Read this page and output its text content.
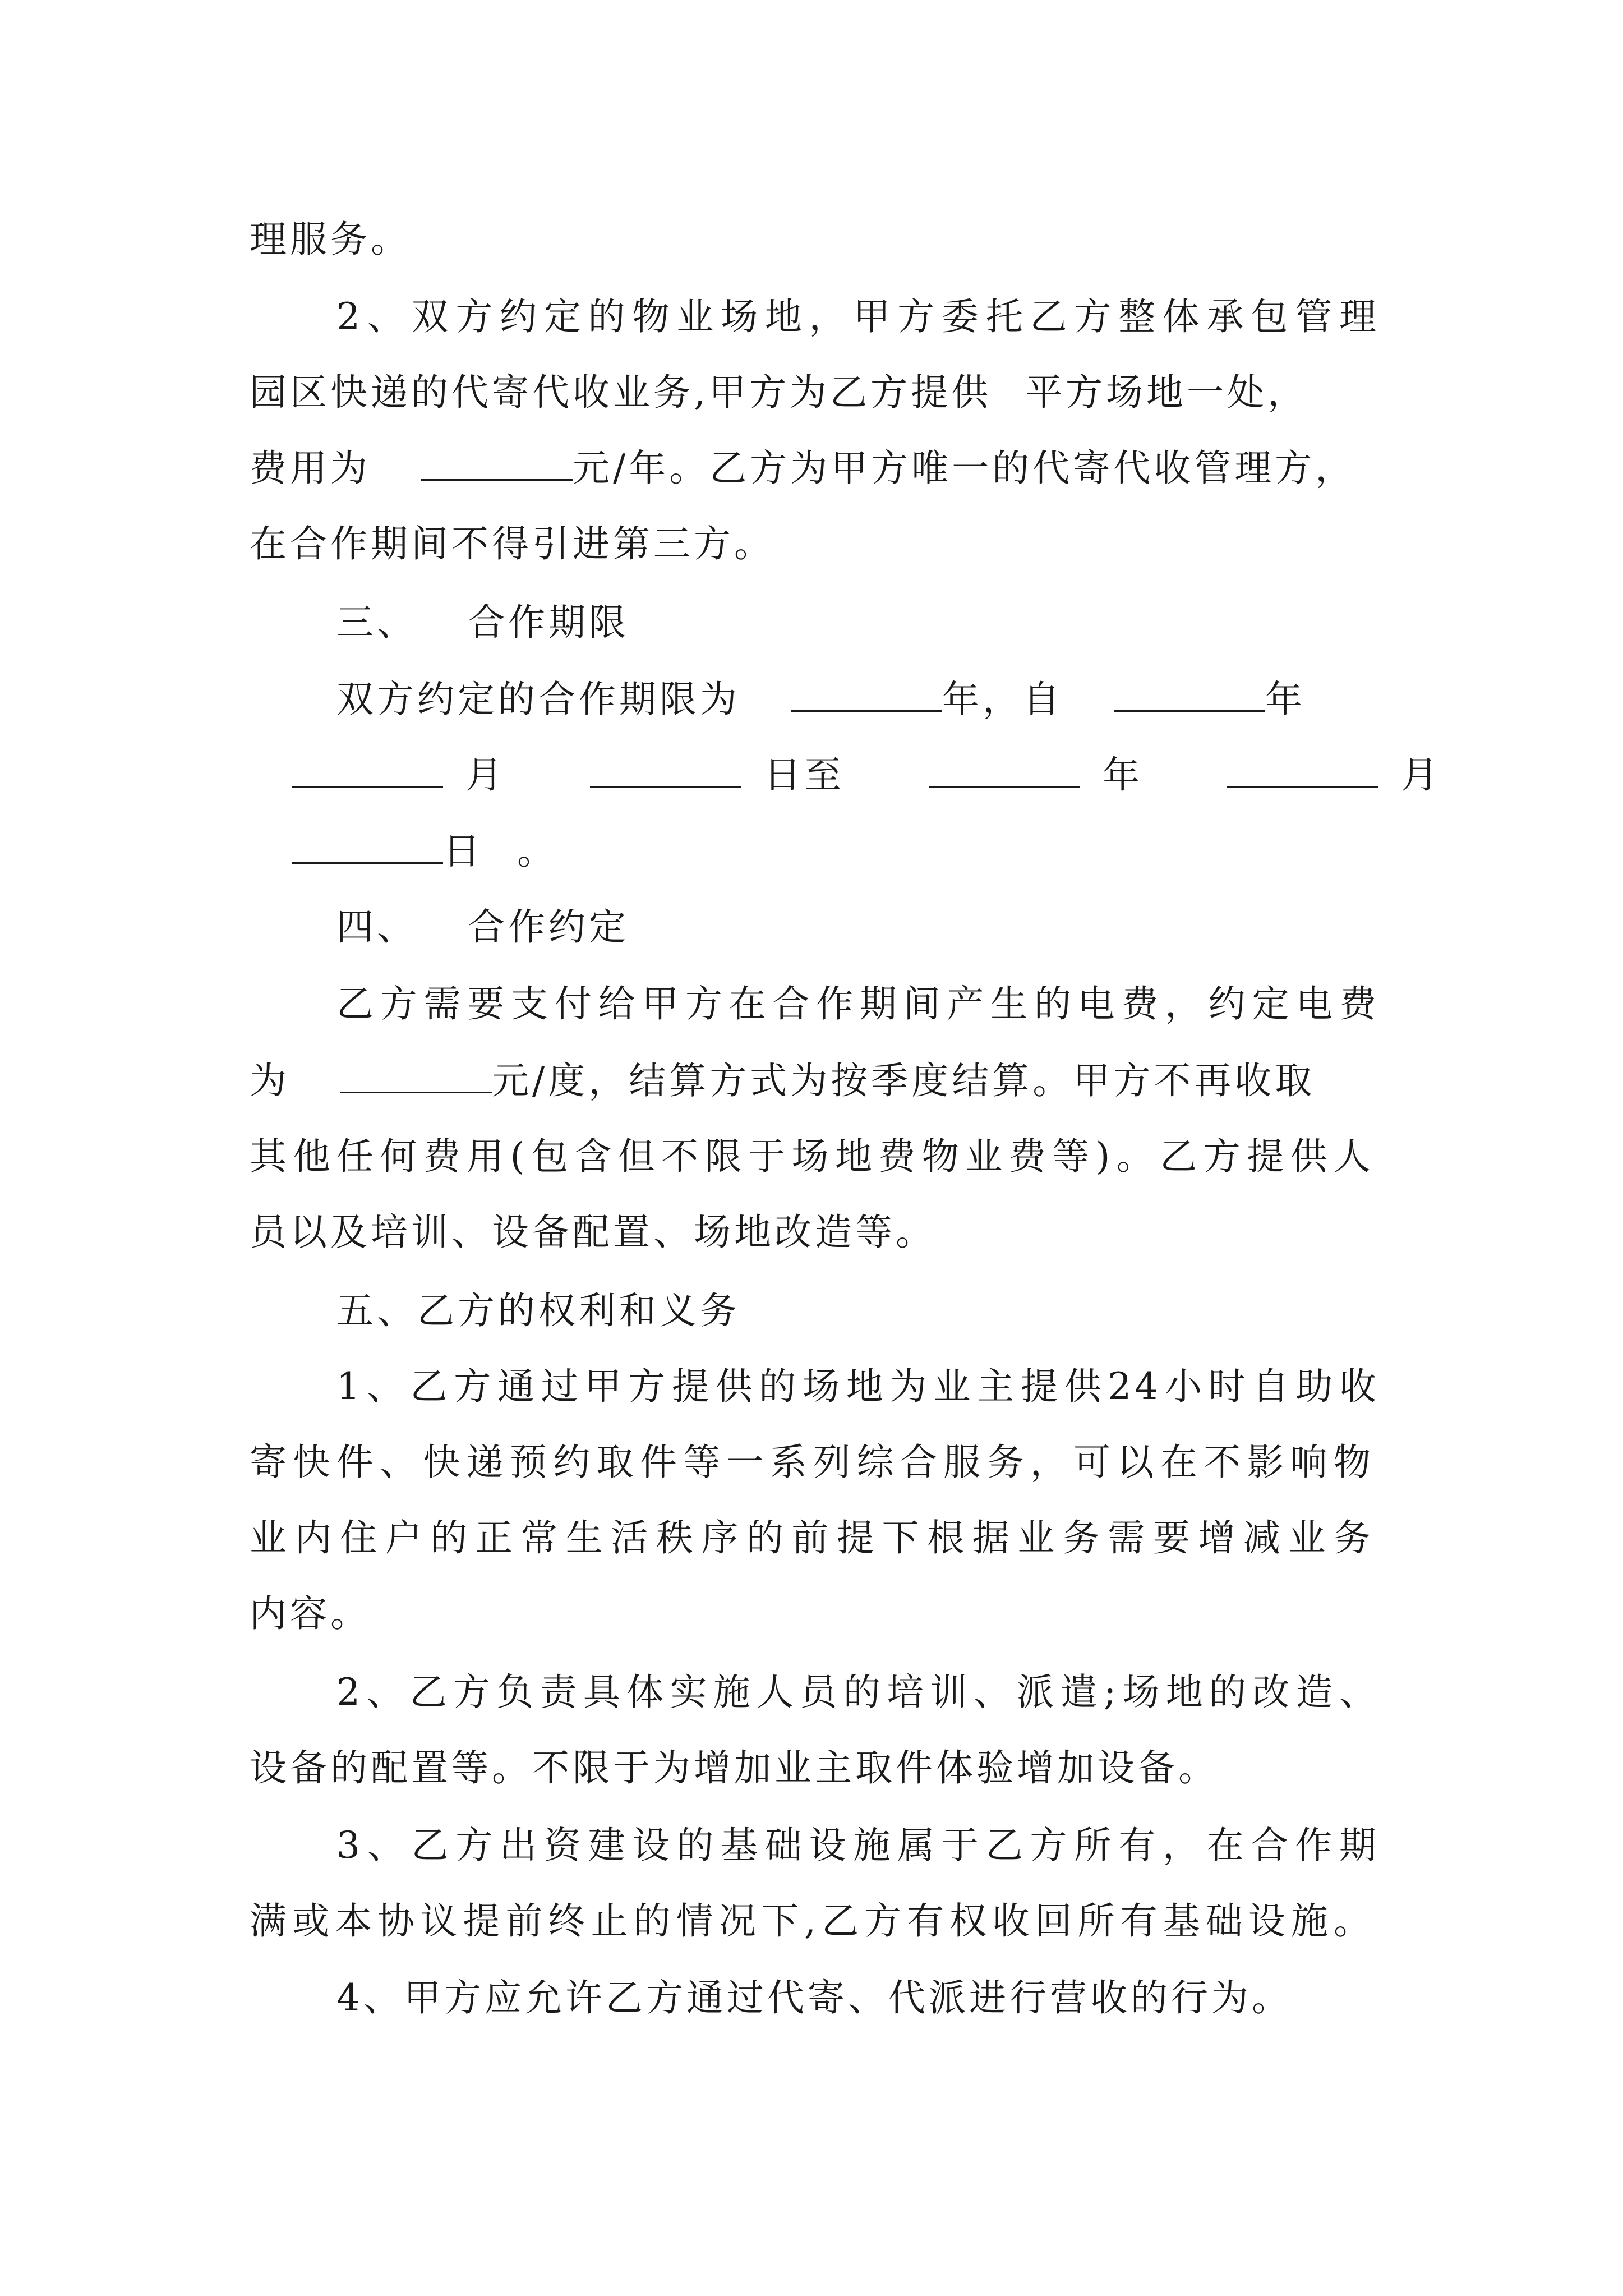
理服务。
2、双方约定的物业场地，甲方委托乙方整体承包管理
园区快递的代寄代收业务,甲方为乙方提供 平方场地一处，
费用为	元/年。乙方为甲方唯一的代寄代收管理方，
在合作期间不得引进第三方。
三、 合作期限
双方约定的合作期限为	年，自	年
月	日至	年	月
日 。
四、 合作约定
乙方需要支付给甲方在合作期间产生的电费，约定电费
为	元/度，结算方式为按季度结算。甲方不再收取
其他任何费用(包含但不限于场地费物业费等)。乙方提供人
员以及培训、设备配置、场地改造等。
五、乙方的权利和义务
1、乙方通过甲方提供的场地为业主提供24小时自助收
寄快件、快递预约取件等一系列综合服务，可以在不影响物
业内住户的正常生活秩序的前提下根据业务需要增减业务
内容。
2、乙方负责具体实施人员的培训、派遣;场地的改造、
设备的配置等。不限于为增加业主取件体验增加设备。
3、乙方出资建设的基础设施属于乙方所有，在合作期
满或本协议提前终止的情况下,乙方有权收回所有基础设施。
4、甲方应允许乙方通过代寄、代派进行营收的行为。
